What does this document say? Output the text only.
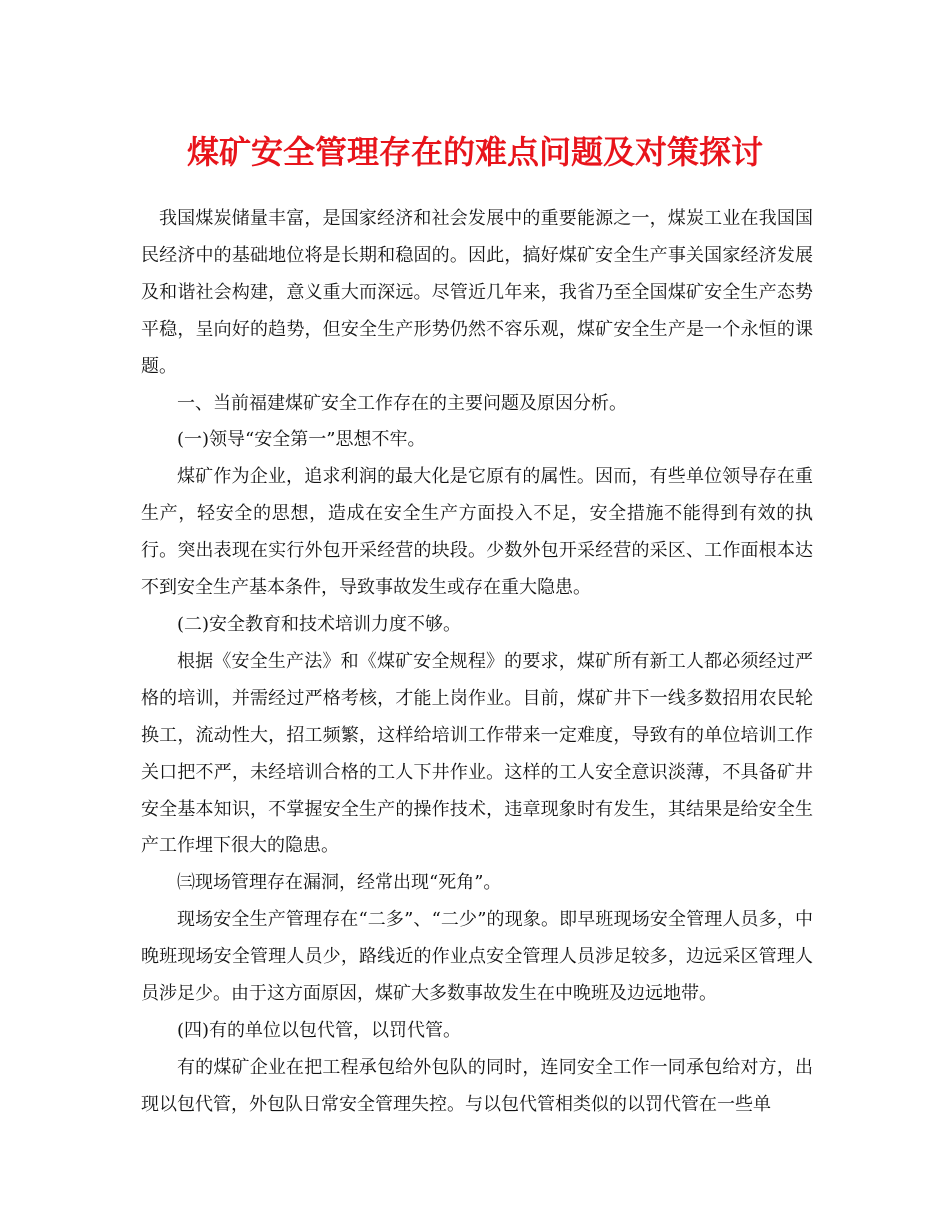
煤矿安全管理存在的难点问题及对策探讨

我国煤炭储量丰富，是国家经济和社会发展中的重要能源之一，煤炭工业在我国国民经济中的基础地位将是长期和稳固的。因此，搞好煤矿安全生产事关国家经济发展及和谐社会构建，意义重大而深远。尽管近几年来，我省乃至全国煤矿安全生产态势平稳，呈向好的趋势，但安全生产形势仍然不容乐观，煤矿安全生产是一个永恒的课题。

一、当前福建煤矿安全工作存在的主要问题及原因分析。

(一)领导“安全第一”思想不牢。

煤矿作为企业，追求利润的最大化是它原有的属性。因而，有些单位领导存在重生产，轻安全的思想，造成在安全生产方面投入不足，安全措施不能得到有效的执行。突出表现在实行外包开采经营的块段。少数外包开采经营的采区、工作面根本达不到安全生产基本条件，导致事故发生或存在重大隐患。

(二)安全教育和技术培训力度不够。

根据《安全生产法》和《煤矿安全规程》的要求，煤矿所有新工人都必须经过严格的培训，并需经过严格考核，才能上岗作业。目前，煤矿井下一线多数招用农民轮换工，流动性大，招工频繁，这样给培训工作带来一定难度，导致有的单位培训工作关口把不严，未经培训合格的工人下井作业。这样的工人安全意识淡薄，不具备矿井安全基本知识，不掌握安全生产的操作技术，违章现象时有发生，其结果是给安全生产工作埋下很大的隐患。

㈢现场管理存在漏洞，经常出现“死角”。

现场安全生产管理存在“二多”、“二少”的现象。即早班现场安全管理人员多，中晚班现场安全管理人员少，路线近的作业点安全管理人员涉足较多，边远采区管理人员涉足少。由于这方面原因，煤矿大多数事故发生在中晚班及边远地带。

(四)有的单位以包代管，以罚代管。

有的煤矿企业在把工程承包给外包队的同时，连同安全工作一同承包给对方，出现以包代管，外包队日常安全管理失控。与以包代管相类似的以罚代管在一些单
